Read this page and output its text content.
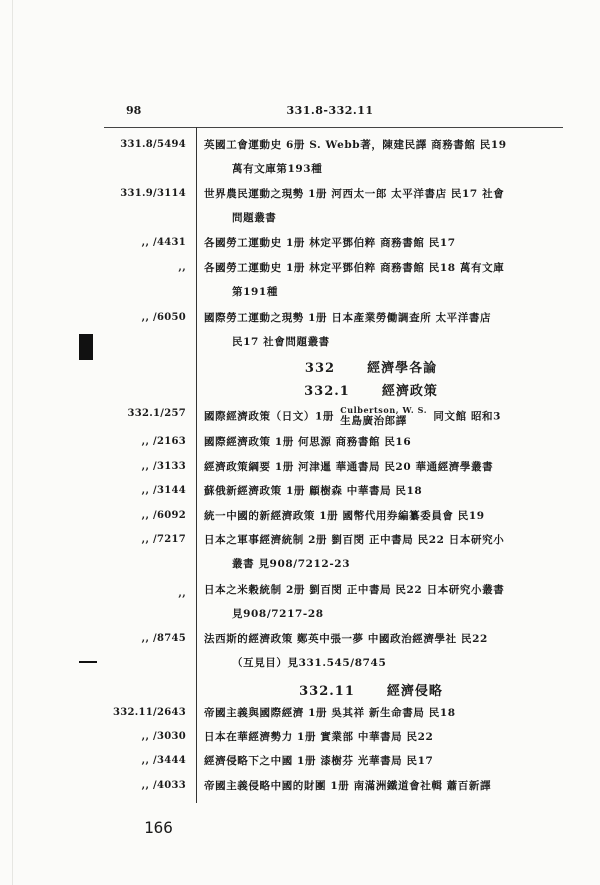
98	331.8-332.11
331.8/5494 英國工會運動史 6册 S. Webb著，陳建民譯 商務書館 民19
萬有文庫第193種
331.9/3114 世界農民運動之現勢 1册 河西太一郎 太平洋書店 民17 社會
問題叢書
,, /4431 各國勞工運動史 1册 林定平鄧伯粹 商務書館 民17
,, 各國勞工運動史 1册 林定平鄧伯粹 商務書館 民18 萬有文庫
第191種
,, /6050 國際勞工運動之現勢 1册 日本產業勞働調查所 太平洋書店
民17 社會問題叢書
332 經濟學各論
332.1 經濟政策
332.1/257 國際經濟政策（日文）1册 Culbertson, W. S.
生島廣治郎譯	同文館 昭和3
,, /2163 國際經濟政策 1册 何思源 商務書館 民16
,, /3133 經濟政策綱要 1册 河津暹 華通書局 民20 華通經濟學叢書
,, /3144 蘇俄新經濟政策 1册 顧樹森 中華書局 民18
,, /6092 統一中國的新經濟政策 1册 國幣代用券編纂委員會 民19
,, /7217 日本之軍事經濟統制 2册 劉百閔 正中書局 民22 日本研究小
叢書 見908/7212-23
,, 日本之米穀統制 2册 劉百閔 正中書局 民22 日本研究小叢書
見908/7217-28
,, /8745 法西斯的經濟政策 鄭英中張一夢 中國政治經濟學社 民22
（互見目）見331.545/8745
332.11 經濟侵略
332.11/2643 帝國主義與國際經濟 1册 吳其祥 新生命書局 民18
,, /3030 日本在華經濟勢力 1册 實業部 中華書局 民22
,, /3444 經濟侵略下之中國 1册 漆樹芬 光華書局 民17
,, /4033 帝國主義侵略中國的財團 1册 南滿洲鐵道會社輯 蕭百新譯
166
